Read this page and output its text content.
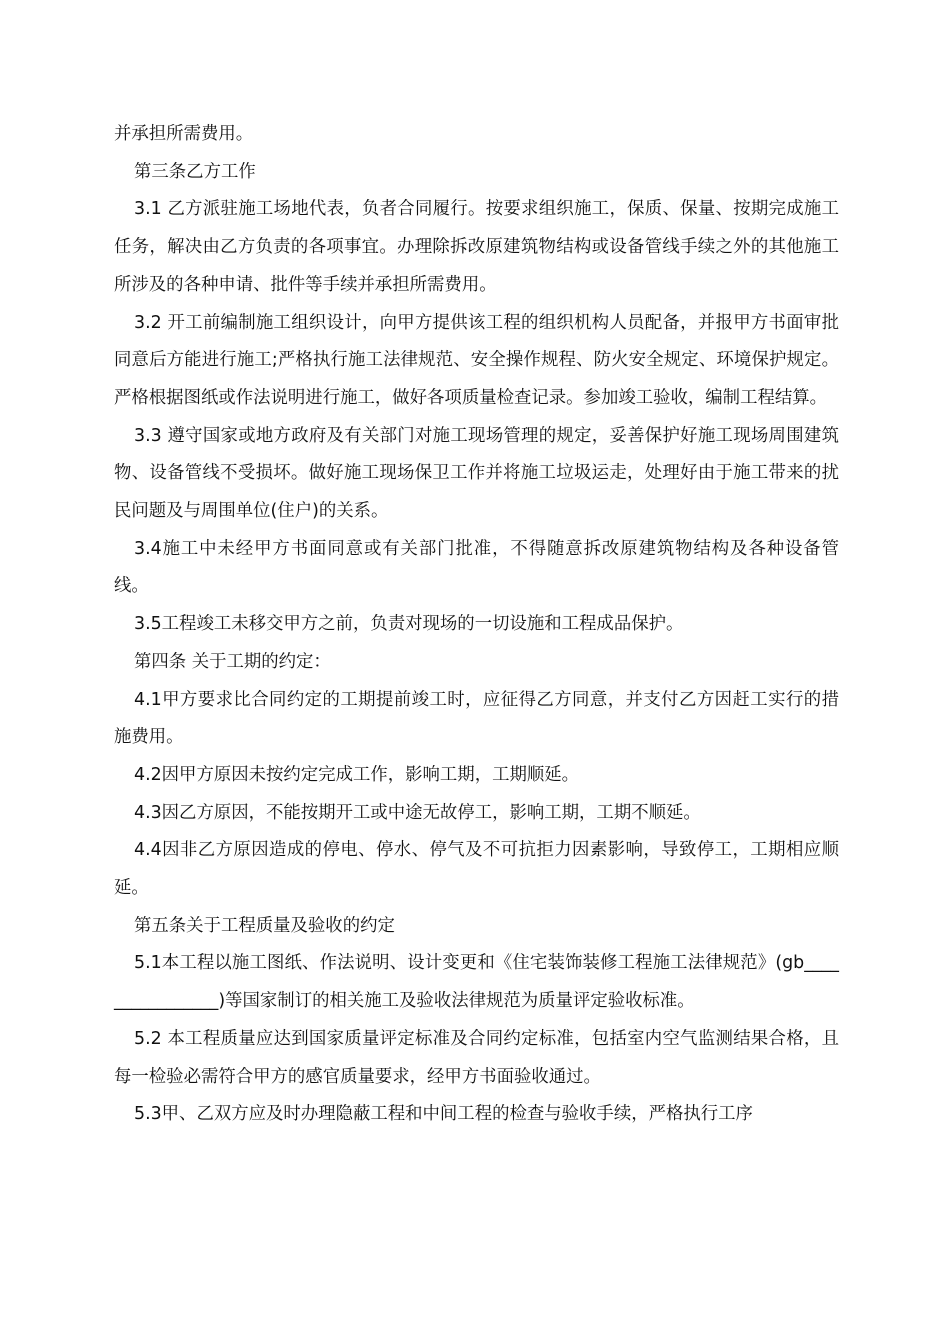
并承担所需费用。

第三条乙方工作

3.1 乙方派驻施工场地代表，负者合同履行。按要求组织施工，保质、保量、按期完成施工任务，解决由乙方负责的各项事宜。办理除拆改原建筑物结构或设备管线手续之外的其他施工所涉及的各种申请、批件等手续并承担所需费用。

3.2 开工前编制施工组织设计，向甲方提供该工程的组织机构人员配备，并报甲方书面审批同意后方能进行施工;严格执行施工法律规范、安全操作规程、防火安全规定、环境保护规定。严格根据图纸或作法说明进行施工，做好各项质量检查记录。参加竣工验收，编制工程结算。

3.3 遵守国家或地方政府及有关部门对施工现场管理的规定，妥善保护好施工现场周围建筑物、设备管线不受损坏。做好施工现场保卫工作并将施工垃圾运走，处理好由于施工带来的扰民问题及与周围单位(住户)的关系。

3.4施工中未经甲方书面同意或有关部门批准，不得随意拆改原建筑物结构及各种设备管线。

3.5工程竣工未移交甲方之前，负责对现场的一切设施和工程成品保护。

第四条 关于工期的约定：

4.1甲方要求比合同约定的工期提前竣工时，应征得乙方同意，并支付乙方因赶工实行的措施费用。

4.2因甲方原因未按约定完成工作，影响工期，工期顺延。

4.3因乙方原因，不能按期开工或中途无故停工，影响工期，工期不顺延。

4.4因非乙方原因造成的停电、停水、停气及不可抗拒力因素影响，导致停工，工期相应顺延。

第五条关于工程质量及验收的约定

5.1本工程以施工图纸、作法说明、设计变更和《住宅装饰装修工程施工法律规范》(gb________________)等国家制订的相关施工及验收法律规范为质量评定验收标准。

5.2 本工程质量应达到国家质量评定标准及合同约定标准，包括室内空气监测结果合格，且每一检验必需符合甲方的感官质量要求，经甲方书面验收通过。

5.3甲、乙双方应及时办理隐蔽工程和中间工程的检查与验收手续，严格执行工序
